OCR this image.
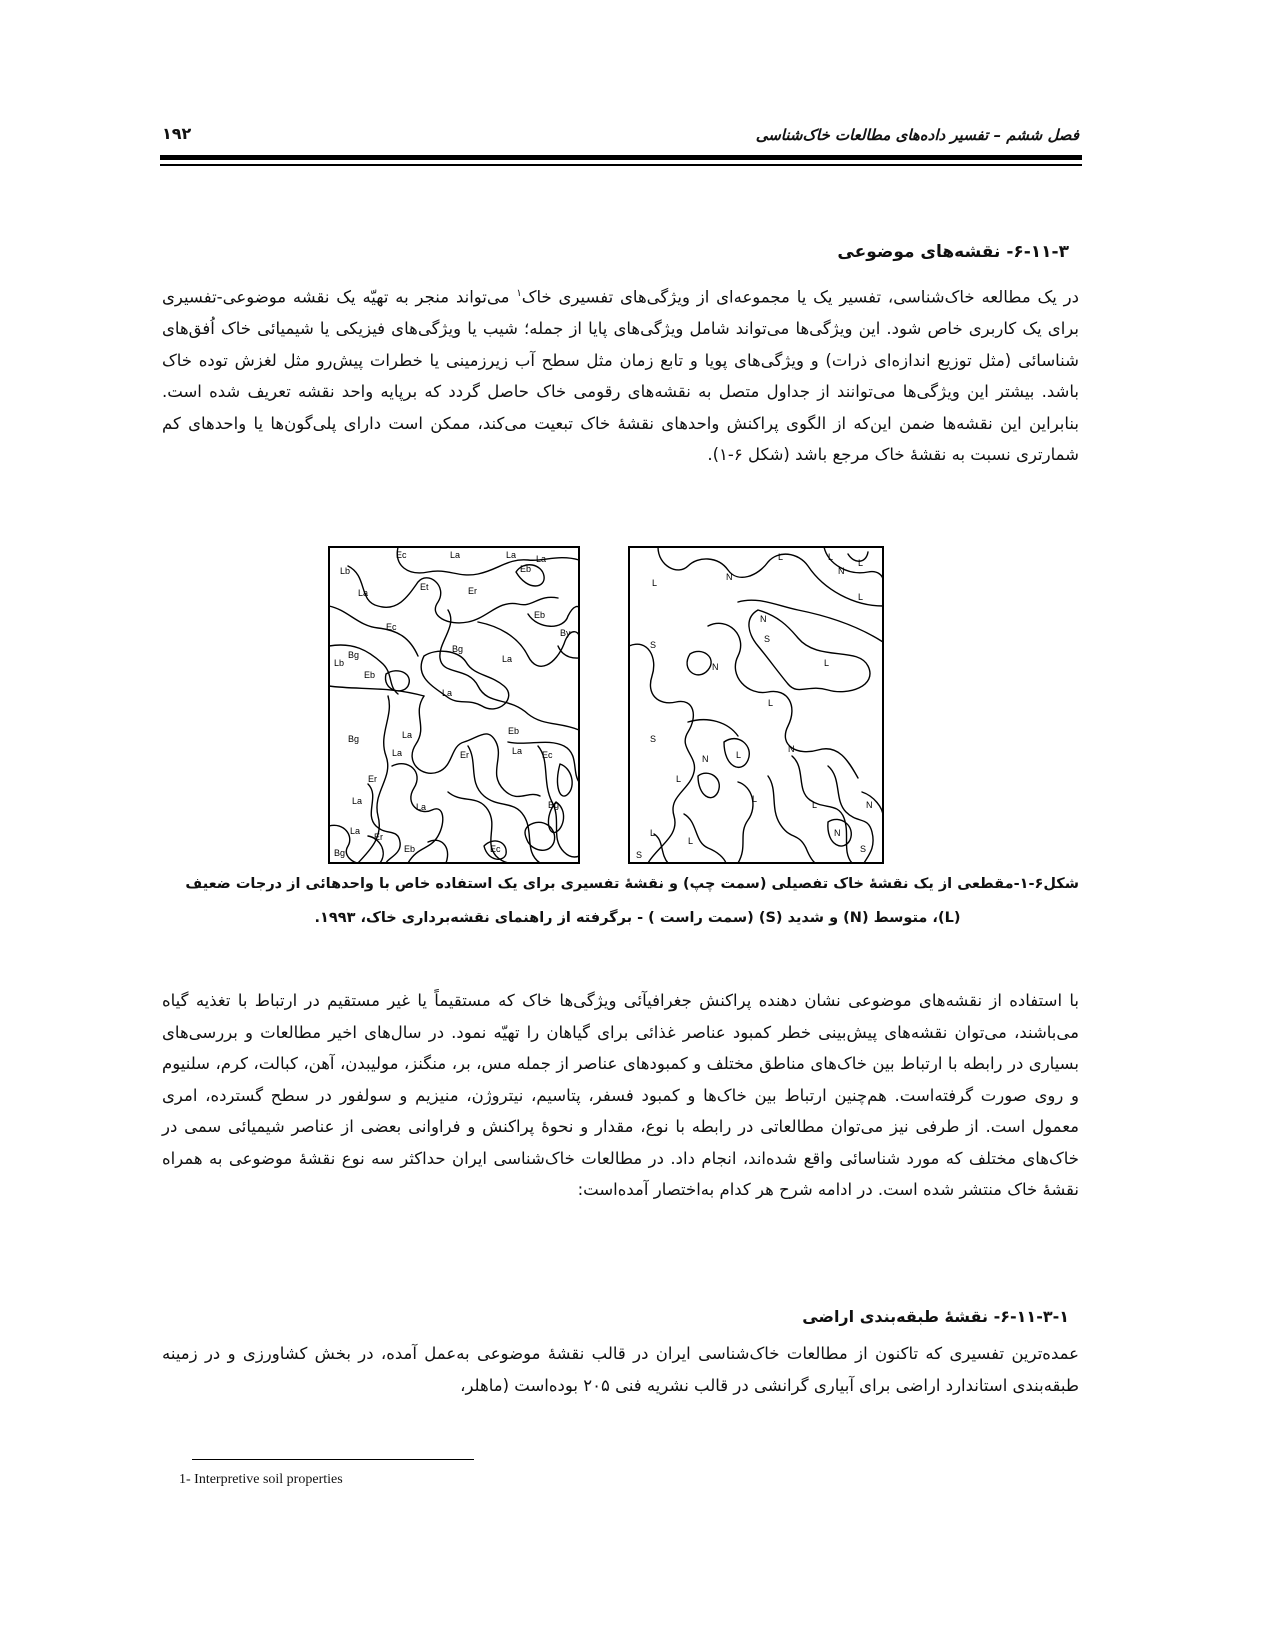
فصل ششم – تفسیر داده‌های مطالعات خاک‌شناسی
۱۹۲
۶-۱۱-۳- نقشه‌های موضوعی
در یک مطالعه خاک‌شناسی، تفسیر یک یا مجموعه‌ای از ویژگی‌های تفسیری خاک$^۱$ می‌تواند منجر به تهیّه یک نقشه موضوعی-تفسیری برای یک کاربری خاص شود. این ویژگی‌ها می‌تواند شامل ویژگی‌های پایا از جمله؛ شیب یا ویژگی‌های فیزیکی یا شیمیائی خاک اُفق‌های شناسائی (مثل توزیع اندازه‌ای ذرات) و ویژگی‌های پویا و تابع زمان مثل سطح آب زیرزمینی یا خطرات پیش‌رو مثل لغزش توده خاک باشد. بیشتر این ویژگی‌ها می‌توانند از جداول متصل به نقشه‌های رقومی خاک حاصل گردد که برپایه واحد نقشه تعریف شده است. بنابراین این نقشه‌ها ضمن این‌که از الگوی پراکنش واحدهای نقشهٔ خاک تبعیت می‌کند، ممکن است دارای پلی‌گون‌ها یا واحدهای کم شمارتری نسبت به نقشهٔ خاک مرجع باشد (شکل ۶-۱).
Ec	La	La La
Eb
Lb
Et
La	Er
Eb
Ec
By
Bg
Bg
Lb
Eb
La
La
Bg
Eb
La
La	Er	La Ec
Er
Bg
La
La
La
Er
Bg	Eb	Ec
L	L
N
L
N
L
L
N
S
S
N	L
L
S
N
N	L
L
L
L	N
L
S
L
N
S
شکل۶-۱-مقطعی از یک نقشهٔ خاک تفصیلی (سمت چپ) و نقشهٔ تفسیری برای یک استفاده خاص با واحدهائی از درجات ضعیف
(L)، متوسط (N) و شدید (S) (سمت راست ) - برگرفته از راهنمای نقشه‌برداری خاک، ۱۹۹۳.
با استفاده از نقشه‌های موضوعی نشان دهنده پراکنش جغرافیآئی ویژگی‌ها خاک که مستقیماً یا غیر مستقیم در ارتباط با تغذیه گیاه می‌باشند، می‌توان نقشه‌های پیش‌بینی خطر کمبود عناصر غذائی برای گیاهان را تهیّه نمود. در سال‌های اخیر مطالعات و بررسی‌های بسیاری در رابطه با ارتباط بین خاک‌های مناطق مختلف و کمبودهای عناصر از جمله مس، بر، منگنز، مولیبدن، آهن، کبالت، کرم، سلنیوم و روی صورت گرفته‌است. هم‌چنین ارتباط بین خاک‌ها و کمبود فسفر، پتاسیم، نیتروژن، منیزیم و سولفور در سطح گسترده، امری معمول است. از طرفی نیز می‌توان مطالعاتی در رابطه با نوع، مقدار و نحوهٔ پراکنش و فراوانی بعضی از عناصر شیمیائی سمی در خاک‌های مختلف که مورد شناسائی واقع شده‌اند، انجام داد. در مطالعات خاک‌شناسی ایران حداکثر سه نوع نقشهٔ موضوعی به همراه نقشهٔ خاک منتشر شده است. در ادامه شرح هر کدام به‌اختصار آمده‌است:
۶-۱۱-۳-۱- نقشهٔ طبقه‌بندی اراضی
عمده‌ترین تفسیری که تاکنون از مطالعات خاک‌شناسی ایران در قالب نقشهٔ موضوعی به‌عمل آمده، در بخش کشاورزی و در زمینه طبقه‌بندی استاندارد اراضی برای آبیاری گرانشی در قالب نشریه فنی ۲۰۵ بوده‌است (ماهلر،
1- Interpretive soil properties
